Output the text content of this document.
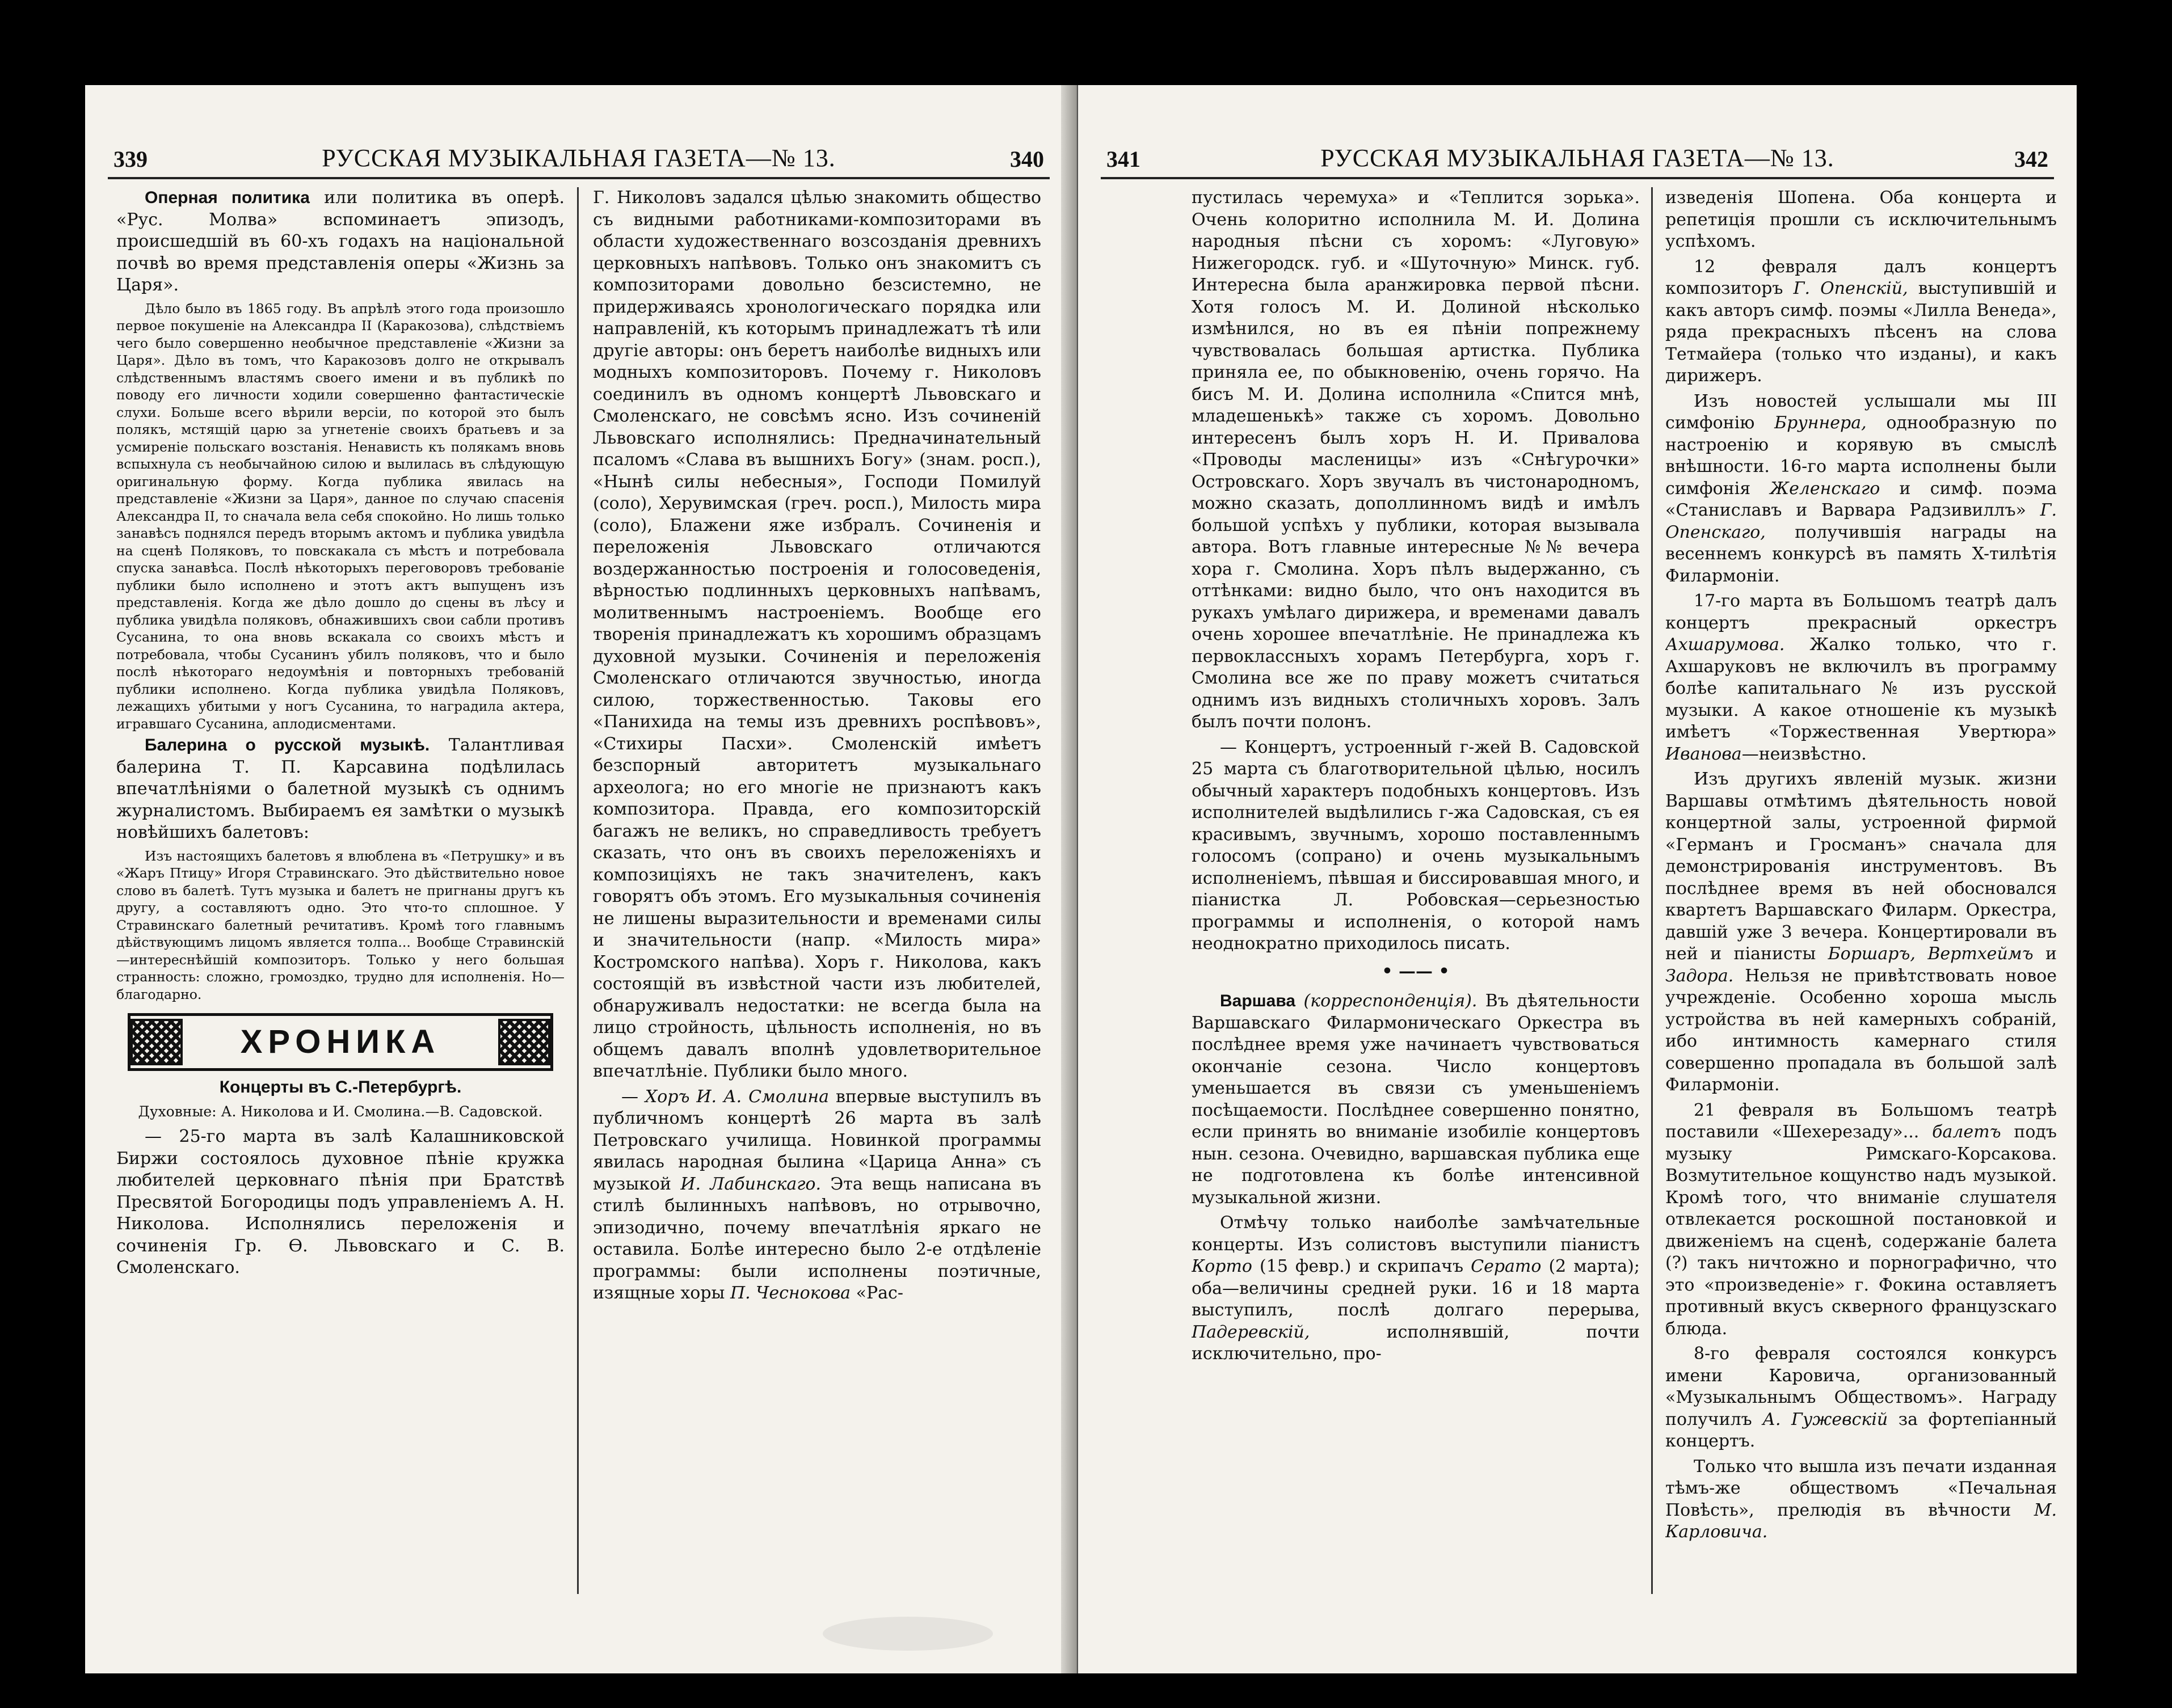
339	РУССКАЯ МУЗЫКАЛЬНАЯ ГАЗЕТА—№ 13.	340

Оперная политика или политика въ оперѣ. «Рус. Молва» вспоминаетъ эпизодъ, происшедшій въ 60-хъ годахъ на національной почвѣ во время представленія оперы «Жизнь за Царя».

Дѣло было въ 1865 году. Въ апрѣлѣ этого года произошло первое покушеніе на Александра II (Каракозова), слѣдствіемъ чего было совершенно необычное представленіе «Жизни за Царя». Дѣло въ томъ, что Каракозовъ долго не открывалъ слѣдственнымъ властямъ своего имени и въ публикѣ по поводу его личности ходили совершенно фантастическіе слухи. Больше всего вѣрили версіи, по которой это былъ полякъ, мстящій царю за угнетеніе своихъ братьевъ и за усмиреніе польскаго возстанія. Ненависть къ полякамъ вновь вспыхнула съ необычайною силою и вылилась въ слѣдующую оригинальную форму. Когда публика явилась на представленіе «Жизни за Царя», данное по случаю спасенія Александра II, то сначала вела себя спокойно. Но лишь только занавѣсъ поднялся передъ вторымъ актомъ и публика увидѣла на сценѣ Поляковъ, то повскакала съ мѣстъ и потребовала спуска занавѣса. Послѣ нѣкоторыхъ переговоровъ требованіе публики было исполнено и этотъ актъ выпущенъ изъ представленія. Когда же дѣло дошло до сцены въ лѣсу и публика увидѣла поляковъ, обнажившихъ свои сабли противъ Сусанина, то она вновь вскакала со своихъ мѣстъ и потребовала, чтобы Сусанинъ убилъ поляковъ, что и было послѣ нѣкотораго недоумѣнія и повторныхъ требованій публики исполнено. Когда публика увидѣла Поляковъ, лежащихъ убитыми у ногъ Сусанина, то наградила актера, игравшаго Сусанина, аплодисментами.

Балерина о русской музыкѣ. Талантливая балерина Т. П. Карсавина подѣлилась впечатлѣніями о балетной музыкѣ съ однимъ журналистомъ. Выбираемъ ея замѣтки о музыкѣ новѣйшихъ балетовъ:

Изъ настоящихъ балетовъ я влюблена въ «Петрушку» и въ «Жаръ Птицу» Игоря Стравинскаго. Это дѣйствительно новое слово въ балетѣ. Тутъ музыка и балетъ не пригнаны другъ къ другу, а составляютъ одно. Это что-то сплошное. У Стравинскаго балетный речитативъ. Кромѣ того главнымъ дѣйствующимъ лицомъ является толпа... Вообще Стравинскій—интереснѣйшій композиторъ. Только у него большая странность: сложно, громоздко, трудно для исполненія. Но—благодарно.

ХРОНИКА
Концерты въ С.-Петербургѣ.
Духовные: А. Николова и И. Смолина.—В. Садовской.

— 25-го марта въ залѣ Калашниковской Биржи состоялось духовное пѣніе кружка любителей церковнаго пѣнія при Братствѣ Пресвятой Богородицы подъ управленіемъ А. Н. Николова. Исполнялись переложенія и сочиненія Гр. Ѳ. Львовскаго и С. В. Смоленскаго.

Г. Николовъ задался цѣлью знакомить общество съ видными работниками-композиторами въ области художественнаго возсозданія древнихъ церковныхъ напѣвовъ. Только онъ знакомитъ съ композиторами довольно безсистемно, не придерживаясь хронологическаго порядка или направленій, къ которымъ принадлежатъ тѣ или другіе авторы: онъ беретъ наиболѣе видныхъ или модныхъ композиторовъ. Почему г. Николовъ соединилъ въ одномъ концертѣ Львовскаго и Смоленскаго, не совсѣмъ ясно. Изъ сочиненій Львовскаго исполнялись: Предначинательный псаломъ «Слава въ вышнихъ Богу» (знам. росп.), «Нынѣ силы небесныя», Господи Помилуй (соло), Херувимская (греч. росп.), Милость мира (соло), Блажени яже избралъ. Сочиненія и переложенія Львовскаго отличаются воздержанностью построенія и голосоведенія, вѣрностью подлинныхъ церковныхъ напѣвамъ, молитвеннымъ настроеніемъ. Вообще его творенія принадлежатъ къ хорошимъ образцамъ духовной музыки. Сочиненія и переложенія Смоленскаго отличаются звучностью, иногда силою, торжественностью. Таковы его «Панихида на темы изъ древнихъ роспѣвовъ», «Стихиры Пасхи». Смоленскій имѣетъ безспорный авторитетъ музыкальнаго археолога; но его многіе не признаютъ какъ композитора. Правда, его композиторскій багажъ не великъ, но справедливость требуетъ сказать, что онъ въ своихъ переложеніяхъ и композиціяхъ не такъ значителенъ, какъ говорятъ объ этомъ. Его музыкальныя сочиненія не лишены выразительности и временами силы и значительности (напр. «Милость мира» Костромского напѣва). Хоръ г. Николова, какъ состоящій въ извѣстной части изъ любителей, обнаруживалъ недостатки: не всегда была на лицо стройность, цѣльность исполненія, но въ общемъ давалъ вполнѣ удовлетворительное впечатлѣніе. Публики было много.

— Хоръ И. А. Смолина впервые выступилъ въ публичномъ концертѣ 26 марта въ залѣ Петровскаго училища. Новинкой программы явилась народная былина «Царица Анна» съ музыкой И. Лабинскаго. Эта вещь написана въ стилѣ былинныхъ напѣвовъ, но отрывочно, эпизодично, почему впечатлѣнія яркаго не оставила. Болѣе интересно было 2-е отдѣленіе программы: были исполнены поэтичные, изящные хоры П. Чеснокова «Рас-

341	РУССКАЯ МУЗЫКАЛЬНАЯ ГАЗЕТА—№ 13.	342

пустилась черемуха» и «Теплится зорька». Очень колоритно исполнила М. И. Долина народныя пѣсни съ хоромъ: «Луговую» Нижегородск. губ. и «Шуточную» Минск. губ. Интересна была аранжировка первой пѣсни. Хотя голосъ М. И. Долиной нѣсколько измѣнился, но въ ея пѣніи попрежнему чувствовалась большая артистка. Публика приняла ее, по обыкновенію, очень горячо. На бисъ М. И. Долина исполнила «Спится мнѣ, младешенькѣ» также съ хоромъ. Довольно интересенъ былъ хоръ Н. И. Привалова «Проводы масленицы» изъ «Снѣгурочки» Островскаго. Хоръ звучалъ въ чистонародномъ, можно сказать, дополлинномъ видѣ и имѣлъ большой успѣхъ у публики, которая вызывала автора. Вотъ главные интересные №№ вечера хора г. Смолина. Хоръ пѣлъ выдержанно, съ оттѣнками: видно было, что онъ находится въ рукахъ умѣлаго дирижера, и временами давалъ очень хорошее впечатлѣніе. Не принадлежа къ первоклассныхъ хорамъ Петербурга, хоръ г. Смолина все же по праву можетъ считаться однимъ изъ видныхъ столичныхъ хоровъ. Залъ былъ почти полонъ.

— Концертъ, устроенный г-жей В. Садовской 25 марта съ благотворительной цѣлью, носилъ обычный характеръ подобныхъ концертовъ. Изъ исполнителей выдѣлились г-жа Садовская, съ ея красивымъ, звучнымъ, хорошо поставленнымъ голосомъ (сопрано) и очень музыкальнымъ исполненіемъ, пѣвшая и биссировавшая много, и піанистка Л. Робовская—серьезностью программы и исполненія, о которой намъ неоднократно приходилось писать.

• —— •

Варшава (корреспонденція). Въ дѣятельности Варшавскаго Филармоническаго Оркестра въ послѣднее время уже начинаетъ чувствоваться окончаніе сезона. Число концертовъ уменьшается въ связи съ уменьшеніемъ посѣщаемости. Послѣднее совершенно понятно, если принять во вниманіе изобиліе концертовъ нын. сезона. Очевидно, варшавская публика еще не подготовлена къ болѣе интенсивной музыкальной жизни.

Отмѣчу только наиболѣе замѣчательные концерты. Изъ солистовъ выступили піанистъ Корто (15 февр.) и скрипачъ Серато (2 марта); оба—величины средней руки. 16 и 18 марта выступилъ, послѣ долгаго перерыва, Падеревскій, исполнявшій, почти исключительно, про-

изведенія Шопена. Оба концерта и репетиція прошли съ исключительнымъ успѣхомъ.

12 февраля далъ концертъ композиторъ Г. Опенскій, выступившій и какъ авторъ симф. поэмы «Лилла Венеда», ряда прекрасныхъ пѣсенъ на слова Тетмайера (только что изданы), и какъ дирижеръ.

Изъ новостей услышали мы III симфонію Бруннера, однообразную по настроенію и корявую въ смыслѣ внѣшности. 16-го марта исполнены были симфонія Желенскаго и симф. поэма «Станиславъ и Варвара Радзивиллъ» Г. Опенскаго, получившія награды на весеннемъ конкурсѣ въ память X-тилѣтія Филармоніи.

17-го марта въ Большомъ театрѣ далъ концертъ прекрасный оркестръ Ахшарумова. Жалко только, что г. Ахшаруковъ не включилъ въ программу болѣе капитальнаго № изъ русской музыки. А какое отношеніе къ музыкѣ имѣетъ «Торжественная Увертюра» Иванова—неизвѣстно.

Изъ другихъ явленій музык. жизни Варшавы отмѣтимъ дѣятельность новой концертной залы, устроенной фирмой «Германъ и Гросманъ» сначала для демонстрированія инструментовъ. Въ послѣднее время въ ней обосновался квартетъ Варшавскаго Филарм. Оркестра, давшій уже 3 вечера. Концертировали въ ней и піанисты Боршаръ, Вертхеймъ и Задора. Нельзя не привѣтствовать новое учрежденіе. Особенно хороша мысль устройства въ ней камерныхъ собраній, ибо интимность камернаго стиля совершенно пропадала въ большой залѣ Филармоніи.

21 февраля въ Большомъ театрѣ поставили «Шехерезаду»... балетъ подъ музыку Римскаго-Корсакова. Возмутительное кощунство надъ музыкой. Кромѣ того, что вниманіе слушателя отвлекается роскошной постановкой и движеніемъ на сценѣ, содержаніе балета (?) такъ ничтожно и порнографично, что это «произведеніе» г. Фокина оставляетъ противный вкусъ скверного французскаго блюда.

8-го февраля состоялся конкурсъ имени Каровича, организованный «Музыкальнымъ Обществомъ». Награду получилъ А. Гужевскій за фортепіанный концертъ.

Только что вышла изъ печати изданная тѣмъ-же обществомъ «Печальная Повѣсть», прелюдія въ вѣчности М. Карловича.
